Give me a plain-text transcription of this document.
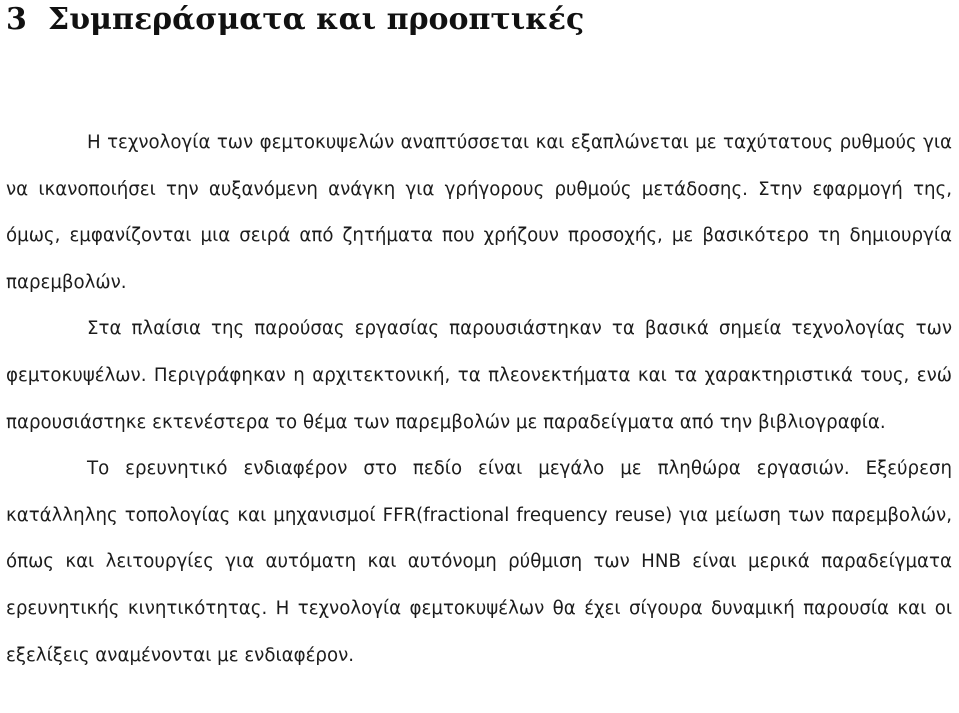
3 Συμπεράσματα και προοπτικές

Η τεχνολογία των φεμτοκυψελών αναπτύσσεται και εξαπλώνεται με ταχύτατους ρυθμούς για να ικανοποιήσει την αυξανόμενη ανάγκη για γρήγορους ρυθμούς μετάδοσης. Στην εφαρμογή της, όμως, εμφανίζονται μια σειρά από ζητήματα που χρήζουν προσοχής, με βασικότερο τη δημιουργία παρεμβολών.

Στα πλαίσια της παρούσας εργασίας παρουσιάστηκαν τα βασικά σημεία τεχνολογίας των φεμτοκυψέλων. Περιγράφηκαν η αρχιτεκτονική, τα πλεονεκτήματα και τα χαρακτηριστικά τους, ενώ παρουσιάστηκε εκτενέστερα το θέμα των παρεμβολών με παραδείγματα από την βιβλιογραφία.

Το ερευνητικό ενδιαφέρον στο πεδίο είναι μεγάλο με πληθώρα εργασιών. Εξεύρεση κατάλληλης τοπολογίας και μηχανισμοί FFR(fractional frequency reuse) για μείωση των παρεμβολών, όπως και λειτουργίες για αυτόματη και αυτόνομη ρύθμιση των HNB είναι μερικά παραδείγματα ερευνητικής κινητικότητας. Η τεχνολογία φεμτοκυψέλων θα έχει σίγουρα δυναμική παρουσία και οι εξελίξεις αναμένονται με ενδιαφέρον.
